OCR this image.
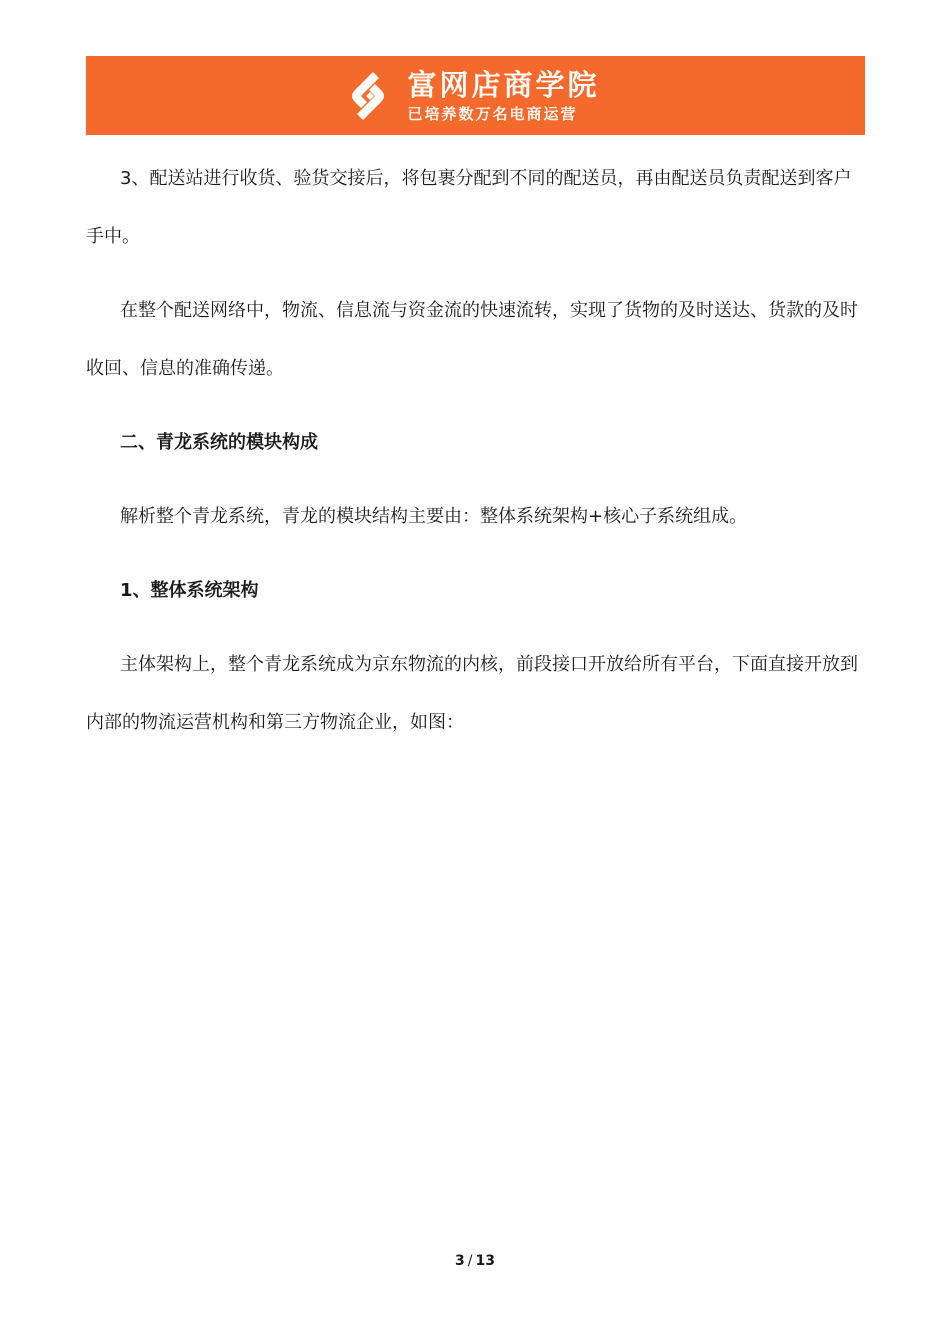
富网店商学院
已培养数万名电商运营

3、配送站进行收货、验货交接后，将包裹分配到不同的配送员，再由配送员负责配送到客户手中。

在整个配送网络中，物流、信息流与资金流的快速流转，实现了货物的及时送达、货款的及时收回、信息的准确传递。

二、青龙系统的模块构成

解析整个青龙系统，青龙的模块结构主要由：整体系统架构+核心子系统组成。

1、整体系统架构

主体架构上，整个青龙系统成为京东物流的内核，前段接口开放给所有平台，下面直接开放到内部的物流运营机构和第三方物流企业，如图：

3 / 13
